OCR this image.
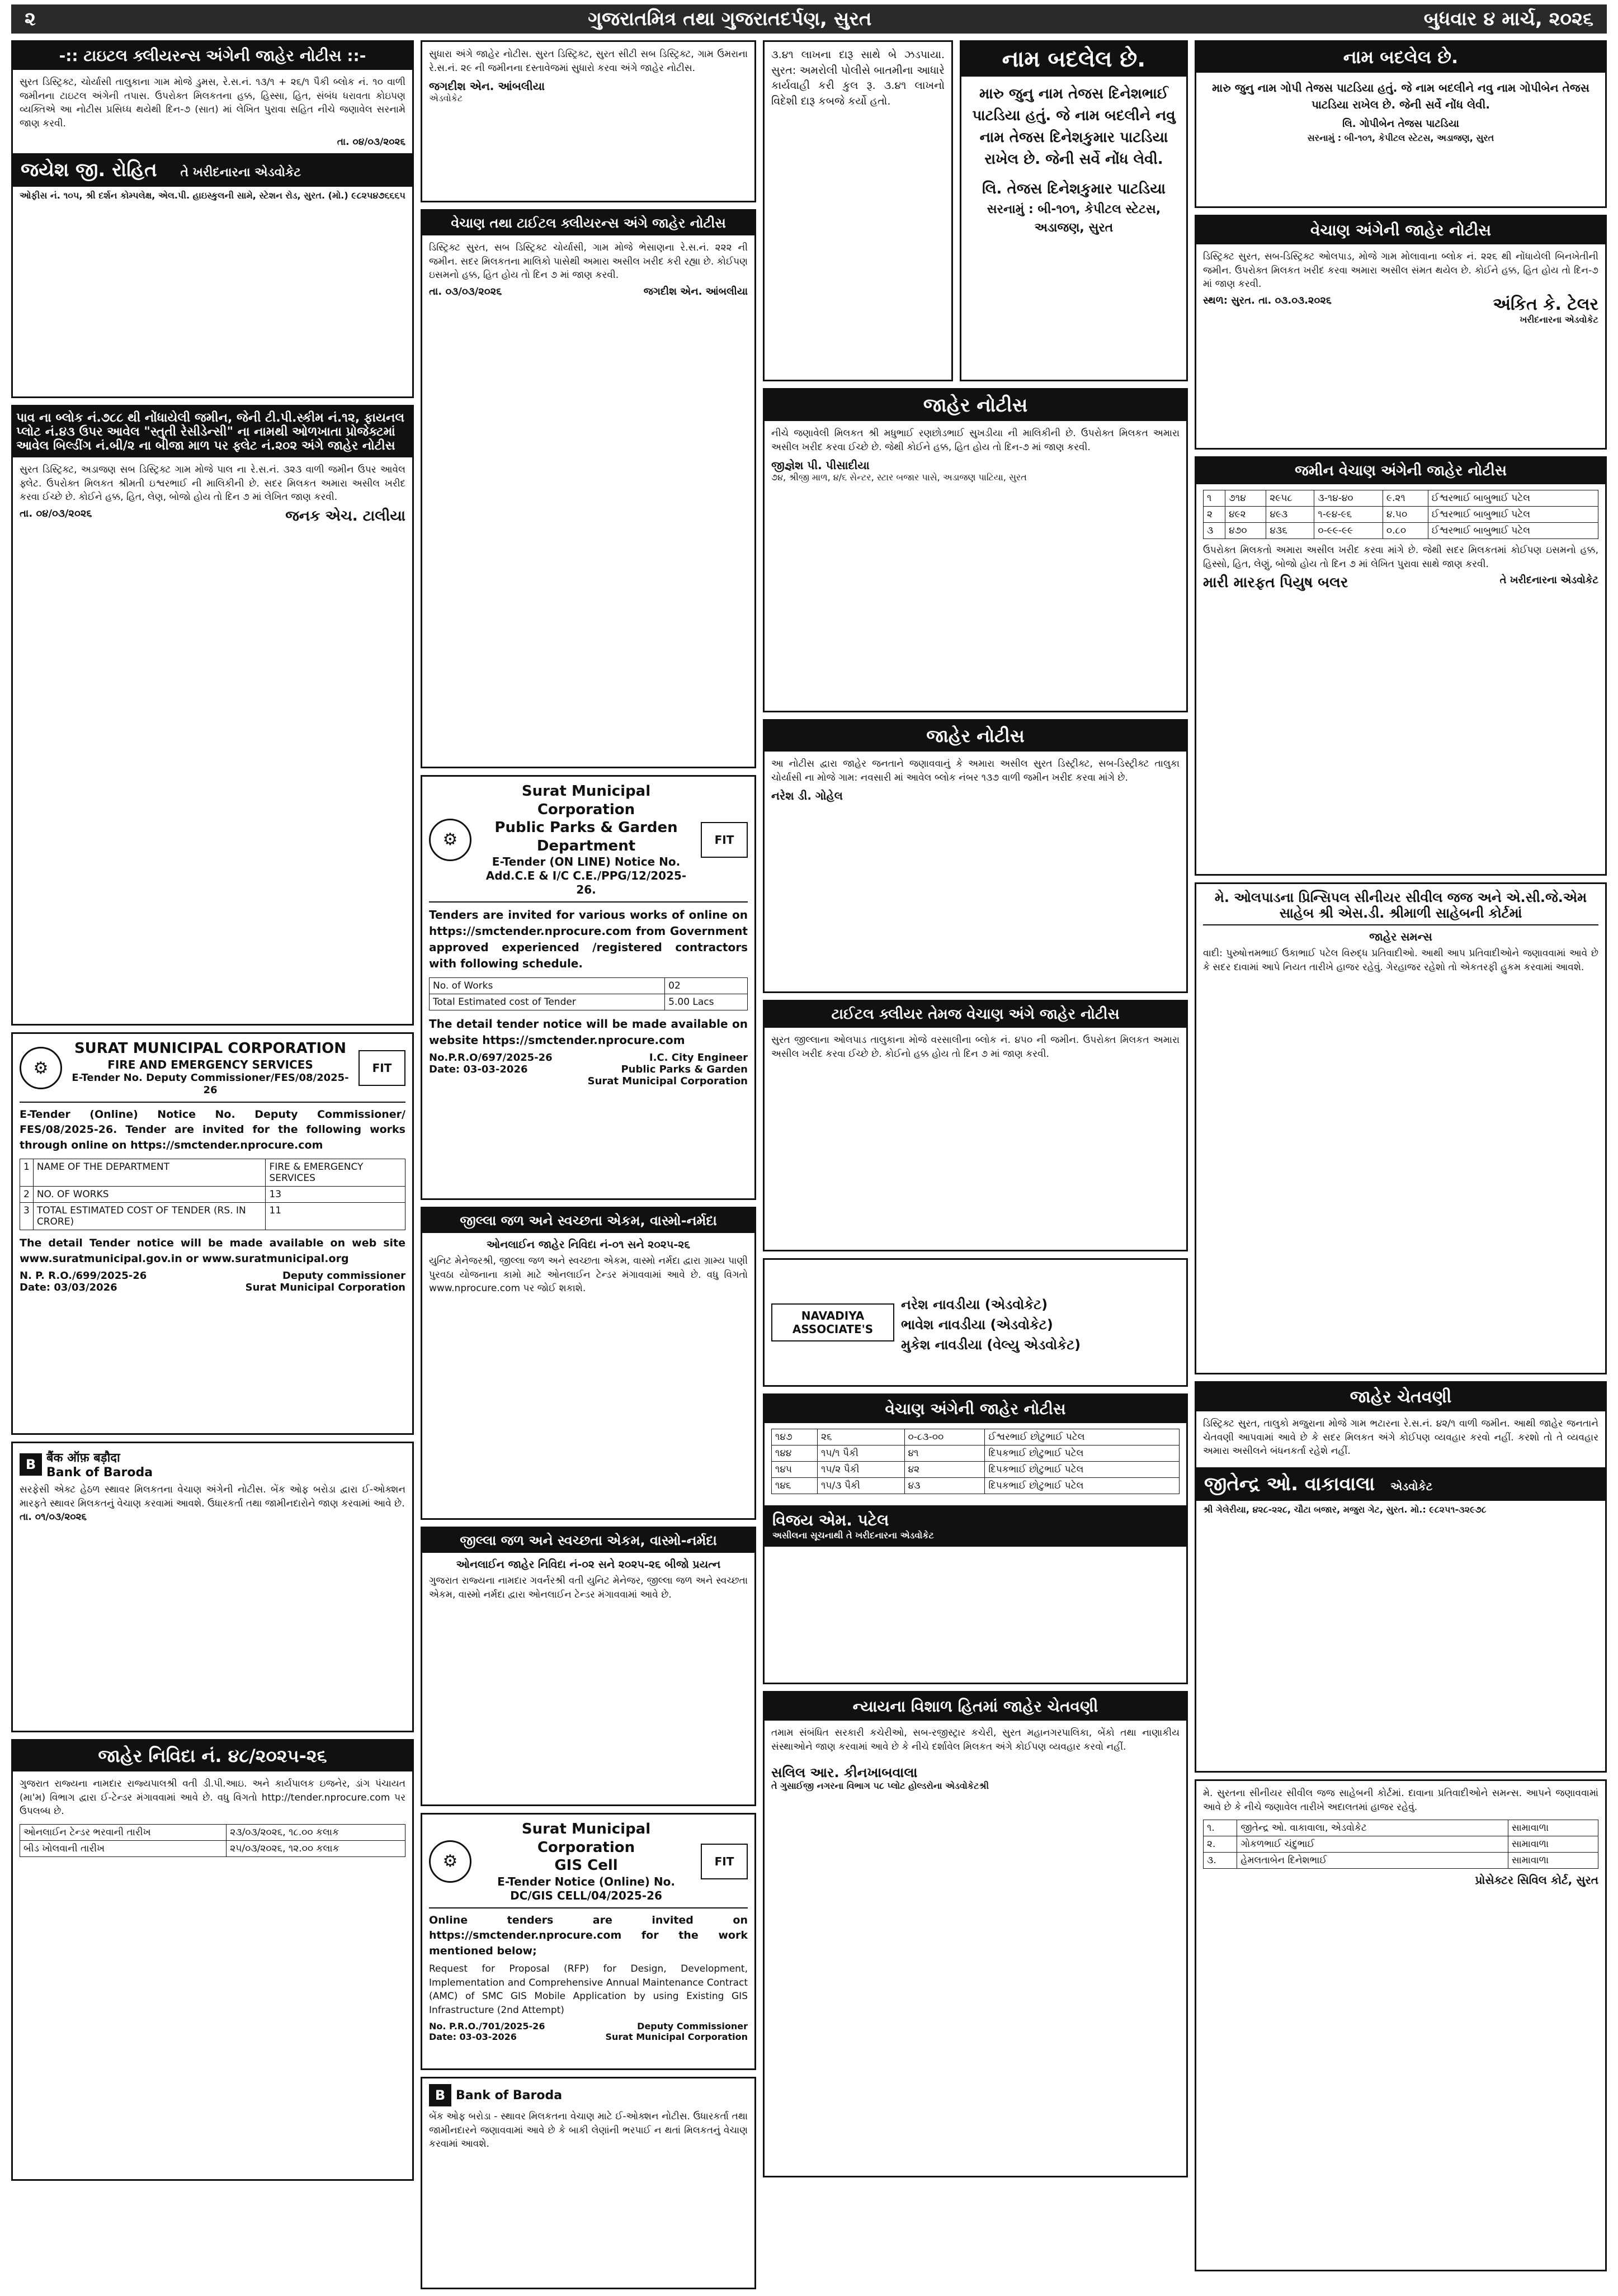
૨	ગુજરાતમિત્ર તથા ગુજરાતદર્પણ, સુરત	બુધવાર ૪ માર્ચ, ૨૦૨૬
-:: ટાઇટલ ક્લીયરન્સ અંગેની જાહેર નોટીસ ::-
સુરત ડિસ્ટ્રિક્ટ, ચોર્યાસી તાલુકાના ગામ મોજે ડુમસ, રે.સ.નં. ૧૩/૧ + ૨૬/૧ પૈકી બ્લોક નં. ૧૦ વાળી જમીનના ટાઇટલ અંગેની તપાસ. ઉપરોક્ત મિલકતના હક્ક, હિસ્સા, હિત, સંબંધ ધરાવતા કોઇપણ વ્યક્તિએ આ નોટીસ પ્રસિધ્ધ થયેથી દિન-૭ (સાત) માં લેખિત પુરાવા સહિત નીચે જણાવેલ સરનામે જાણ કરવી.
તા. ૦૪/૦૩/૨૦૨૬
જયેશ જી. રોહિત તે ખરીદનારના એડવોકેટ
ઓફીસ નં. ૧૦૫, શ્રી દર્શન કોમ્પલેક્ષ, એલ.પી. હાઇસ્કુલની સામે, સ્ટેશન રોડ, સુરત. (મો.) ૯૮૨૫૪૭૬૬૬૫
પાવ ના બ્લોક નં.૭૮૮ થી નોંધાયેલી જમીન, જેની ટી.પી.સ્કીમ નં.૧૨, ફાયનલ પ્લોટ નં.૪૩ ઉપર આવેલ "સ્તુતી રેસીડેન્સી" ના નામથી ઓળખાતા પ્રોજેક્ટમાં આવેલ બિલ્ડીંગ નં.બી/૨ ના બીજા માળ પર ફ્લેટ નં.૨૦૨ અંગે જાહેર નોટીસ
સુરત ડિસ્ટ્રિક્ટ, અડાજણ સબ ડિસ્ટ્રિક્ટ ગામ મોજે પાલ ના રે.સ.નં. ૩૨૩ વાળી જમીન ઉપર આવેલ ફ્લેટ. ઉપરોક્ત મિલકત શ્રીમતી ઇશ્વરભાઈ ની માલિકીની છે. સદર મિલકત અમારા અસીલ ખરીદ કરવા ઈચ્છે છે. કોઈને હક્ક, હિત, લેણ, બોજો હોય તો દિન ૭ માં લેખિત જાણ કરવી.
તા. ૦૪/૦૩/૨૦૨૬	જનક એચ. ટાલીયા
⚙
SURAT MUNICIPAL CORPORATION
FIRE AND EMERGENCY SERVICES
E-Tender No. Deputy Commissioner/FES/08/2025-26
FIT
E-Tender (Online) Notice No. Deputy Commissioner/ FES/08/2025-26. Tender are invited for the following works through online on https://smctender.nprocure.com
1	NAME OF THE DEPARTMENT	FIRE & EMERGENCY SERVICES
2	NO. OF WORKS	13
3	TOTAL ESTIMATED COST OF TENDER (RS. IN CRORE)	11
The detail Tender notice will be made available on web site www.suratmunicipal.gov.in or www.suratmunicipal.org
N. P. R.O./699/2025-26
Date: 03/03/2026
Deputy commissioner
Surat Municipal Corporation
B बैंक ऑफ़ बड़ौदा
Bank of Baroda
સરફેસી એક્ટ હેઠળ સ્થાવર મિલકતના વેચાણ અંગેની નોટીસ. બેંક ઓફ બરોડા દ્વારા ઈ-ઓક્શન મારફતે સ્થાવર મિલકતનું વેચાણ કરવામાં આવશે. ઉધારકર્તા તથા જામીનદારોને જાણ કરવામાં આવે છે.
તા. ૦૧/૦૩/૨૦૨૬
જાહેર નિવિદા નં. ૪૮/૨૦૨૫-૨૬
ગુજરાત રાજ્યના નામદાર રાજ્યપાલશ્રી વતી ડી.પી.આઇ. અને કાર્યપાલક ઇજનેર, ડાંગ પંચાયત (મા'મ) વિભાગ દ્વારા ઈ-ટેન્ડર મંગાવવામાં આવે છે. વધુ વિગતો http://tender.nprocure.com પર ઉપલબ્ધ છે.
ઓનલાઈન ટેન્ડર ભરવાની તારીખ	૨૩/૦૩/૨૦૨૬, ૧૮.૦૦ કલાક
બીડ ખોલવાની તારીખ	૨૫/૦૩/૨૦૨૬, ૧૨.૦૦ કલાક
સુધારા અંગે જાહેર નોટીસ. સુરત ડિસ્ટ્રિક્ટ, સુરત સીટી સબ ડિસ્ટ્રિક્ટ, ગામ ઉમરાના રે.સ.નં. ૨૯ ની જમીનના દસ્તાવેજમાં સુધારો કરવા અંગે જાહેર નોટીસ.
જગદીશ એન. આંબલીયા
એડવોકેટ
વેચાણ તથા ટાઈટલ ક્લીયરન્સ અંગે જાહેર નોટીસ
ડિસ્ટ્રિક્ટ સુરત, સબ ડિસ્ટ્રિક્ટ ચોર્યાસી, ગામ મોજે ભેસાણના રે.સ.નં. ૨૨૨ ની જમીન. સદર મિલકતના માલિકો પાસેથી અમારા અસીલ ખરીદ કરી રહ્યા છે. કોઈપણ ઇસમનો હક્ક, હિત હોય તો દિન ૭ માં જાણ કરવી.
તા. ૦૩/૦૩/૨૦૨૬	જગદીશ એન. આંબલીયા
⚙
Surat Municipal Corporation
Public Parks & Garden Department
E-Tender (ON LINE) Notice No. Add.C.E & I/C C.E./PPG/12/2025-26.
FIT
Tenders are invited for various works of online on https://smctender.nprocure.com from Government approved experienced /registered contractors with following schedule.
No. of Works	02
Total Estimated cost of Tender	5.00 Lacs
The detail tender notice will be made available on website https://smctender.nprocure.com
No.P.R.O/697/2025-26
Date: 03-03-2026
I.C. City Engineer
Public Parks & Garden
Surat Municipal Corporation
જીલ્લા જળ અને સ્વચ્છતા એકમ, વાસ્મો-નર્મદા
ઓનલાઈન જાહેર નિવિદા નં-૦૧ સને ૨૦૨૫-૨૬
યુનિટ મેનેજરશ્રી, જીલ્લા જળ અને સ્વચ્છતા એકમ, વાસ્મો નર્મદા દ્વારા ગ્રામ્ય પાણી પુરવઠા યોજનાના કામો માટે ઓનલાઈન ટેન્ડર મંગાવવામાં આવે છે. વધુ વિગતો www.nprocure.com પર જોઈ શકાશે.
જીલ્લા જળ અને સ્વચ્છતા એકમ, વાસ્મો-નર્મદા
ઓનલાઈન જાહેર નિવિદા નં-૦૨ સને ૨૦૨૫-૨૬ બીજો પ્રયત્ન
ગુજરાત રાજ્યના નામદાર ગવર્નરશ્રી વતી યુનિટ મેનેજર, જીલ્લા જળ અને સ્વચ્છતા એકમ, વાસ્મો નર્મદા દ્વારા ઓનલાઈન ટેન્ડર મંગાવવામાં આવે છે.
⚙
Surat Municipal Corporation
GIS Cell
E-Tender Notice (Online) No. DC/GIS CELL/04/2025-26
FIT
Online tenders are invited on https://smctender.nprocure.com for the work mentioned below;
Request for Proposal (RFP) for Design, Development, Implementation and Comprehensive Annual Maintenance Contract (AMC) of SMC GIS Mobile Application by using Existing GIS Infrastructure (2nd Attempt)
No. P.R.O./701/2025-26
Date: 03-03-2026
Deputy Commissioner
Surat Municipal Corporation
B Bank of Baroda
બેંક ઓફ બરોડા - સ્થાવર મિલકતના વેચાણ માટે ઈ-ઓક્શન નોટીસ. ઉધારકર્તા તથા જામીનદારને જણાવવામાં આવે છે કે બાકી લેણાંની ભરપાઈ ન થતાં મિલકતનું વેચાણ કરવામાં આવશે.
૩.૪૧ લાખના દારૂ સાથે બે ઝડપાયા. સુરત: અમરોલી પોલીસે બાતમીના આધારે કાર્યવાહી કરી કુલ રૂ. ૩.૪૧ લાખનો વિદેશી દારૂ કબજે કર્યો હતો.
નામ બદલેલ છે.
મારુ જુનુ નામ તેજસ દિનેશભાઈ પાટડિયા હતું. જે નામ બદલીને નવુ નામ તેજસ દિનેશકુમાર પાટડિયા રાખેલ છે. જેની સર્વે નોંધ લેવી.
લિ. તેજસ દિનેશકુમાર પાટડિયા
સરનામું : બી-૧૦૧, કેપીટલ સ્ટેટસ, અડાજણ, સુરત
જાહેર નોટીસ
નીચે જણાવેલી મિલકત શ્રી મધુભાઈ રણછોડભાઈ સુખડીયા ની માલિકીની છે. ઉપરોક્ત મિલકત અમારા અસીલ ખરીદ કરવા ઈચ્છે છે. જેથી કોઈને હક્ક, હિત હોય તો દિન-૭ માં જાણ કરવી.
જીજ્ઞેશ પી. પીસાદીયા
૭૪, શ્રીજી માળ, ૪/૬ સેન્ટર, સ્ટાર બજાર પાસે, અડાજણ પાટિયા, સુરત
જાહેર નોટીસ
આ નોટીસ દ્વારા જાહેર જનતાને જણાવવાનું કે અમારા અસીલ સુરત ડિસ્ટ્રીક્ટ, સબ-ડિસ્ટ્રીક્ટ તાલુકા ચોર્યાસી ના મોજે ગામ: નવસારી માં આવેલ બ્લોક નંબર ૧૩૭ વાળી જમીન ખરીદ કરવા માંગે છે.
નરેશ ડી. ગોહેલ
ટાઈટલ ક્લીયર તેમજ વેચાણ અંગે જાહેર નોટીસ
સુરત જીલ્લાના ઓલપાડ તાલુકાના મોજે વરસાલીના બ્લોક નં. ૪૫૦ ની જમીન. ઉપરોક્ત મિલકત અમારા અસીલ ખરીદ કરવા ઈચ્છે છે. કોઈનો હક્ક હોય તો દિન ૭ માં જાણ કરવી.
NAVADIYA ASSOCIATE'S
નરેશ નાવડીયા (એડવોકેટ)
ભાવેશ નાવડીયા (એડવોકેટ)
મુકેશ નાવડીયા (વેલ્યુ એડવોકેટ)
વેચાણ અંગેની જાહેર નોટીસ
૧૪૭	૨૬	૦-૮૩-૦૦	ઈશ્વરભાઈ છોટુભાઈ પટેલ
૧૪૪	૧૫/૧ પૈકી	૪૧	દિપકભાઈ છોટુભાઈ પટેલ
૧૪૫	૧૫/૨ પૈકી	૪૨	દિપકભાઈ છોટુભાઈ પટેલ
૧૪૬	૧૫/૩ પૈકી	૪૩	દિપકભાઈ છોટુભાઈ પટેલ
વિજય એમ. પટેલ
અસીલના સૂચનાથી તે ખરીદનારના એડવોકેટ
ન્યાયના વિશાળ હિતમાં જાહેર ચેતવણી
તમામ સંબંધિત સરકારી કચેરીઓ, સબ-રજીસ્ટ્રાર કચેરી, સુરત મહાનગરપાલિકા, બેંકો તથા નાણાકીય સંસ્થાઓને જાણ કરવામાં આવે છે કે નીચે દર્શાવેલ મિલકત અંગે કોઈપણ વ્યવહાર કરવો નહીં.
સલિલ આર. કીનખાબવાલા
તે ગુસાઈજી નગરના વિભાગ ૫૮ પ્લોટ હોલ્ડરોના એડવોકેટશ્રી
નામ બદલેલ છે.
મારુ જુનુ નામ ગોપી તેજસ પાટડિયા હતું. જે નામ બદલીને નવુ નામ ગોપીબેન તેજસ પાટડિયા રાખેલ છે. જેની સર્વે નોંધ લેવી.
લિ. ગોપીબેન તેજસ પાટડિયા
સરનામું : બી-૧૦૧, કેપીટલ સ્ટેટસ, અડાજણ, સુરત
વેચાણ અંગેની જાહેર નોટીસ
ડિસ્ટ્રિક્ટ સુરત, સબ-ડિસ્ટ્રિક્ટ ઓલપાડ, મોજે ગામ મોલાવાના બ્લોક નં. ૨૨૬ થી નોંધાયેલી બિનખેતીની જમીન. ઉપરોક્ત મિલકત ખરીદ કરવા અમારા અસીલ સંમત થયેલ છે. કોઈને હક્ક, હિત હોય તો દિન-૭ માં જાણ કરવી.
સ્થળ: સુરત. તા. ૦૩.૦૩.૨૦૨૬	અંકિત કે. ટેલર
ખરીદનારના એડવોકેટ
જમીન વેચાણ અંગેની જાહેર નોટીસ
૧	૭૧૪	૨૯૫૮	૩-૧૪-૪૦	૯.૨૧	ઈશ્વરભાઈ બાબુભાઈ પટેલ
૨	૪૯૨	૪૯૩	૧-૯૪-૯૬	૪.૫૦	ઈશ્વરભાઈ બાબુભાઈ પટેલ
૩	૪૭૦	૪૩૬	૦-૯૯-૯૯	૦.૮૦	ઈશ્વરભાઈ બાબુભાઈ પટેલ
ઉપરોક્ત મિલકતો અમારા અસીલ ખરીદ કરવા માંગે છે. જેથી સદર મિલકતમાં કોઈપણ ઇસમનો હક્ક, હિસ્સો, હિત, લેણું, બોજો હોય તો દિન ૭ માં લેખિત પુરાવા સાથે જાણ કરવી.
મારી મારફત પિયુષ બલર	તે ખરીદનારના એડવોકેટ
મે. ઓલપાડના પ્રિન્સિપલ સીનીયર સીવીલ જજ અને એ.સી.જે.એમ સાહેબ શ્રી એસ.ડી. શ્રીમાળી સાહેબની કોર્ટમાં
જાહેર સમન્સ
વાદી: પુરુષોત્તમભાઈ ઉકાભાઈ પટેલ વિરુદ્ધ પ્રતિવાદીઓ. આથી આપ પ્રતિવાદીઓને જણાવવામાં આવે છે કે સદર દાવામાં આપે નિયત તારીખે હાજર રહેવું. ગેરહાજર રહેશો તો એકતરફી હુકમ કરવામાં આવશે.
જાહેર ચેતવણી
ડિસ્ટ્રિક્ટ સુરત, તાલુકો મજુરાના મોજે ગામ ભટારના રે.સ.નં. ૪૨/૧ વાળી જમીન. આથી જાહેર જનતાને ચેતવણી આપવામાં આવે છે કે સદર મિલકત અંગે કોઈપણ વ્યવહાર કરવો નહીં. કરશો તો તે વ્યવહાર અમારા અસીલને બંધનકર્તા રહેશે નહીં.
જીતેન્દ્ર ઓ. વાકાવાલા એડવોકેટ
શ્રી ગેલેરીયા, ૪૨૮-૨૨૮, ચૌટા બજાર, મજુરા ગેટ, સુરત. મો.: ૯૮૨૫૧-૩૨૯૭૮
મે. સુરતના સીનીયર સીવીલ જજ સાહેબની કોર્ટમાં. દાવાના પ્રતિવાદીઓને સમન્સ. આપને જણાવવામાં આવે છે કે નીચે જણાવેલ તારીખે અદાલતમાં હાજર રહેવું.
૧.	જીતેન્દ્ર ઓ. વાકાવાલા, એડવોકેટ	સામાવાળા
૨.	ગોકળભાઈ ચંદુભાઈ	સામાવાળા
૩.	હેમલતાબેન દિનેશભાઈ	સામાવાળા
પ્રોસેક્ટર સિવિલ કોર્ટ, સુરત
